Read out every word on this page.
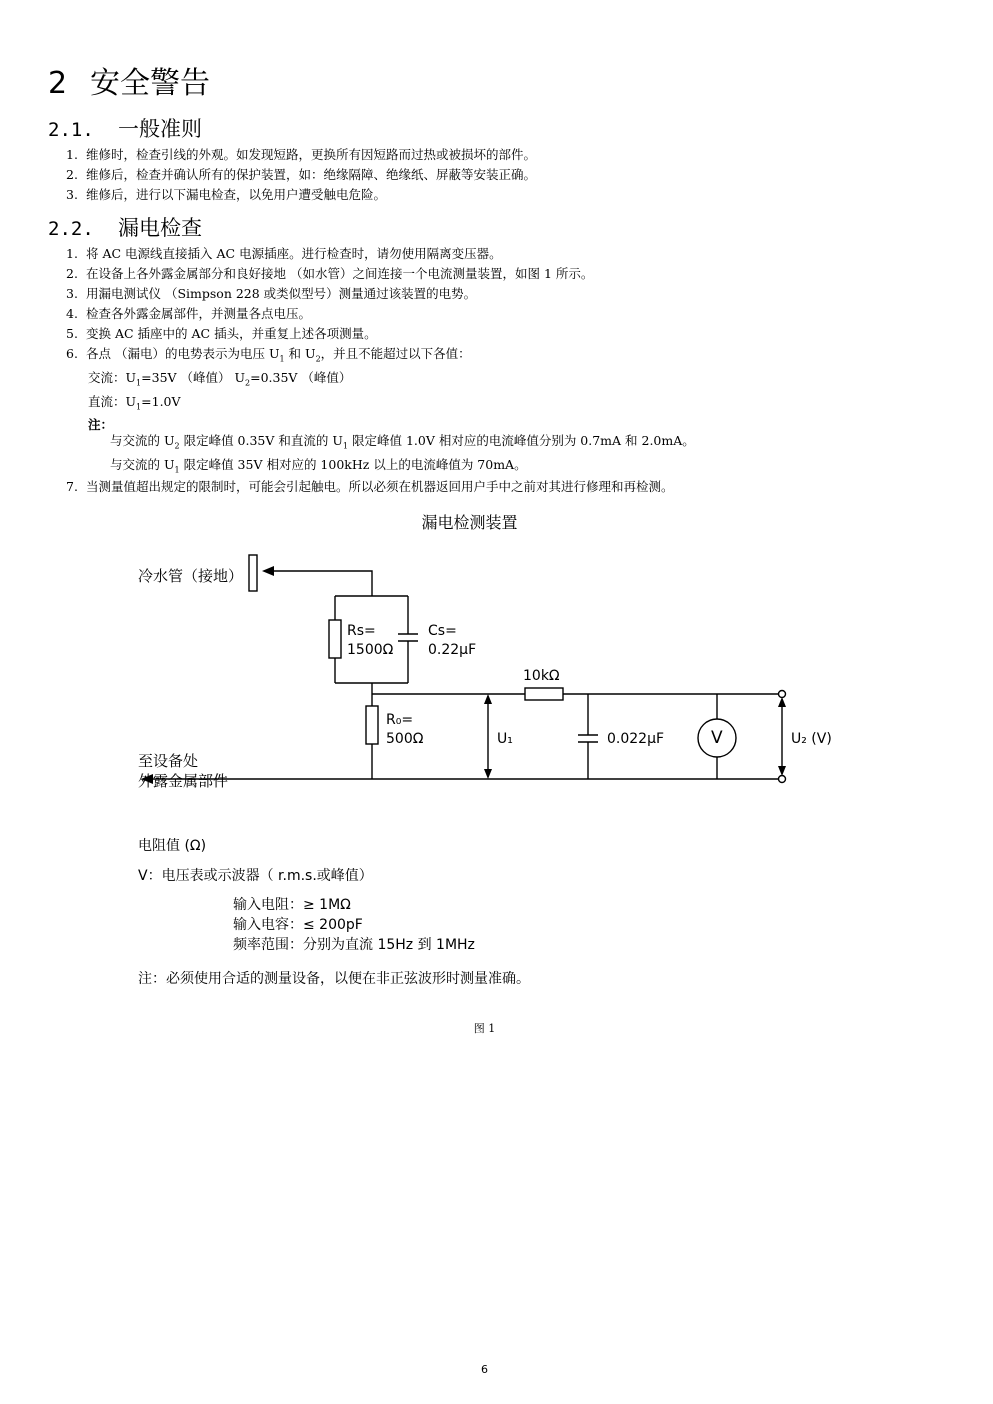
2 安全警告
2.1. 一般准则
1. 维修时，检查引线的外观。如发现短路，更换所有因短路而过热或被损坏的部件。
2. 维修后，检查并确认所有的保护装置，如：绝缘隔障、绝缘纸、屏蔽等安装正确。
3. 维修后，进行以下漏电检查，以免用户遭受触电危险。
2.2. 漏电检查
1. 将 AC 电源线直接插入 AC 电源插座。进行检查时，请勿使用隔离变压器。
2. 在设备上各外露金属部分和良好接地 （如水管）之间连接一个电流测量装置，如图 1 所示。
3. 用漏电测试仪 （Simpson 228 或类似型号）测量通过该装置的电势。
4. 检查各外露金属部件，并测量各点电压。
5. 变换 AC 插座中的 AC 插头，并重复上述各项测量。
6. 各点 （漏电）的电势表示为电压 $U_1$ 和 $U_2$，并且不能超过以下各值：
交流：$U_1=35V$ （峰值） $U_2=0.35V$ （峰值）
直流：$U_1=1.0V$
注：
与交流的 $U_2$ 限定峰值 0.35V 和直流的 $U_1$ 限定峰值 1.0V 相对应的电流峰值分别为 0.7mA 和 2.0mA。
与交流的 $U_1$ 限定峰值 35V 相对应的 100kHz 以上的电流峰值为 70mA。
7. 当测量值超出规定的限制时，可能会引起触电。所以必须在机器返回用户手中之前对其进行修理和再检测。
漏电检测装置
冷水管（接地）
Rs=
1500Ω
Cs=
0.22μF
10kΩ
R₀=
500Ω	U₁	0.022μF	V	U₂ (V)
至设备处
外露金属部件
电阻值 (Ω)
V：电压表或示波器（ r.m.s.或峰值）
输入电阻：≥ 1MΩ
输入电容：≤ 200pF
频率范围：分别为直流 15Hz 到 1MHz
注：必须使用合适的测量设备，以便在非正弦波形时测量准确。
图 1
6
